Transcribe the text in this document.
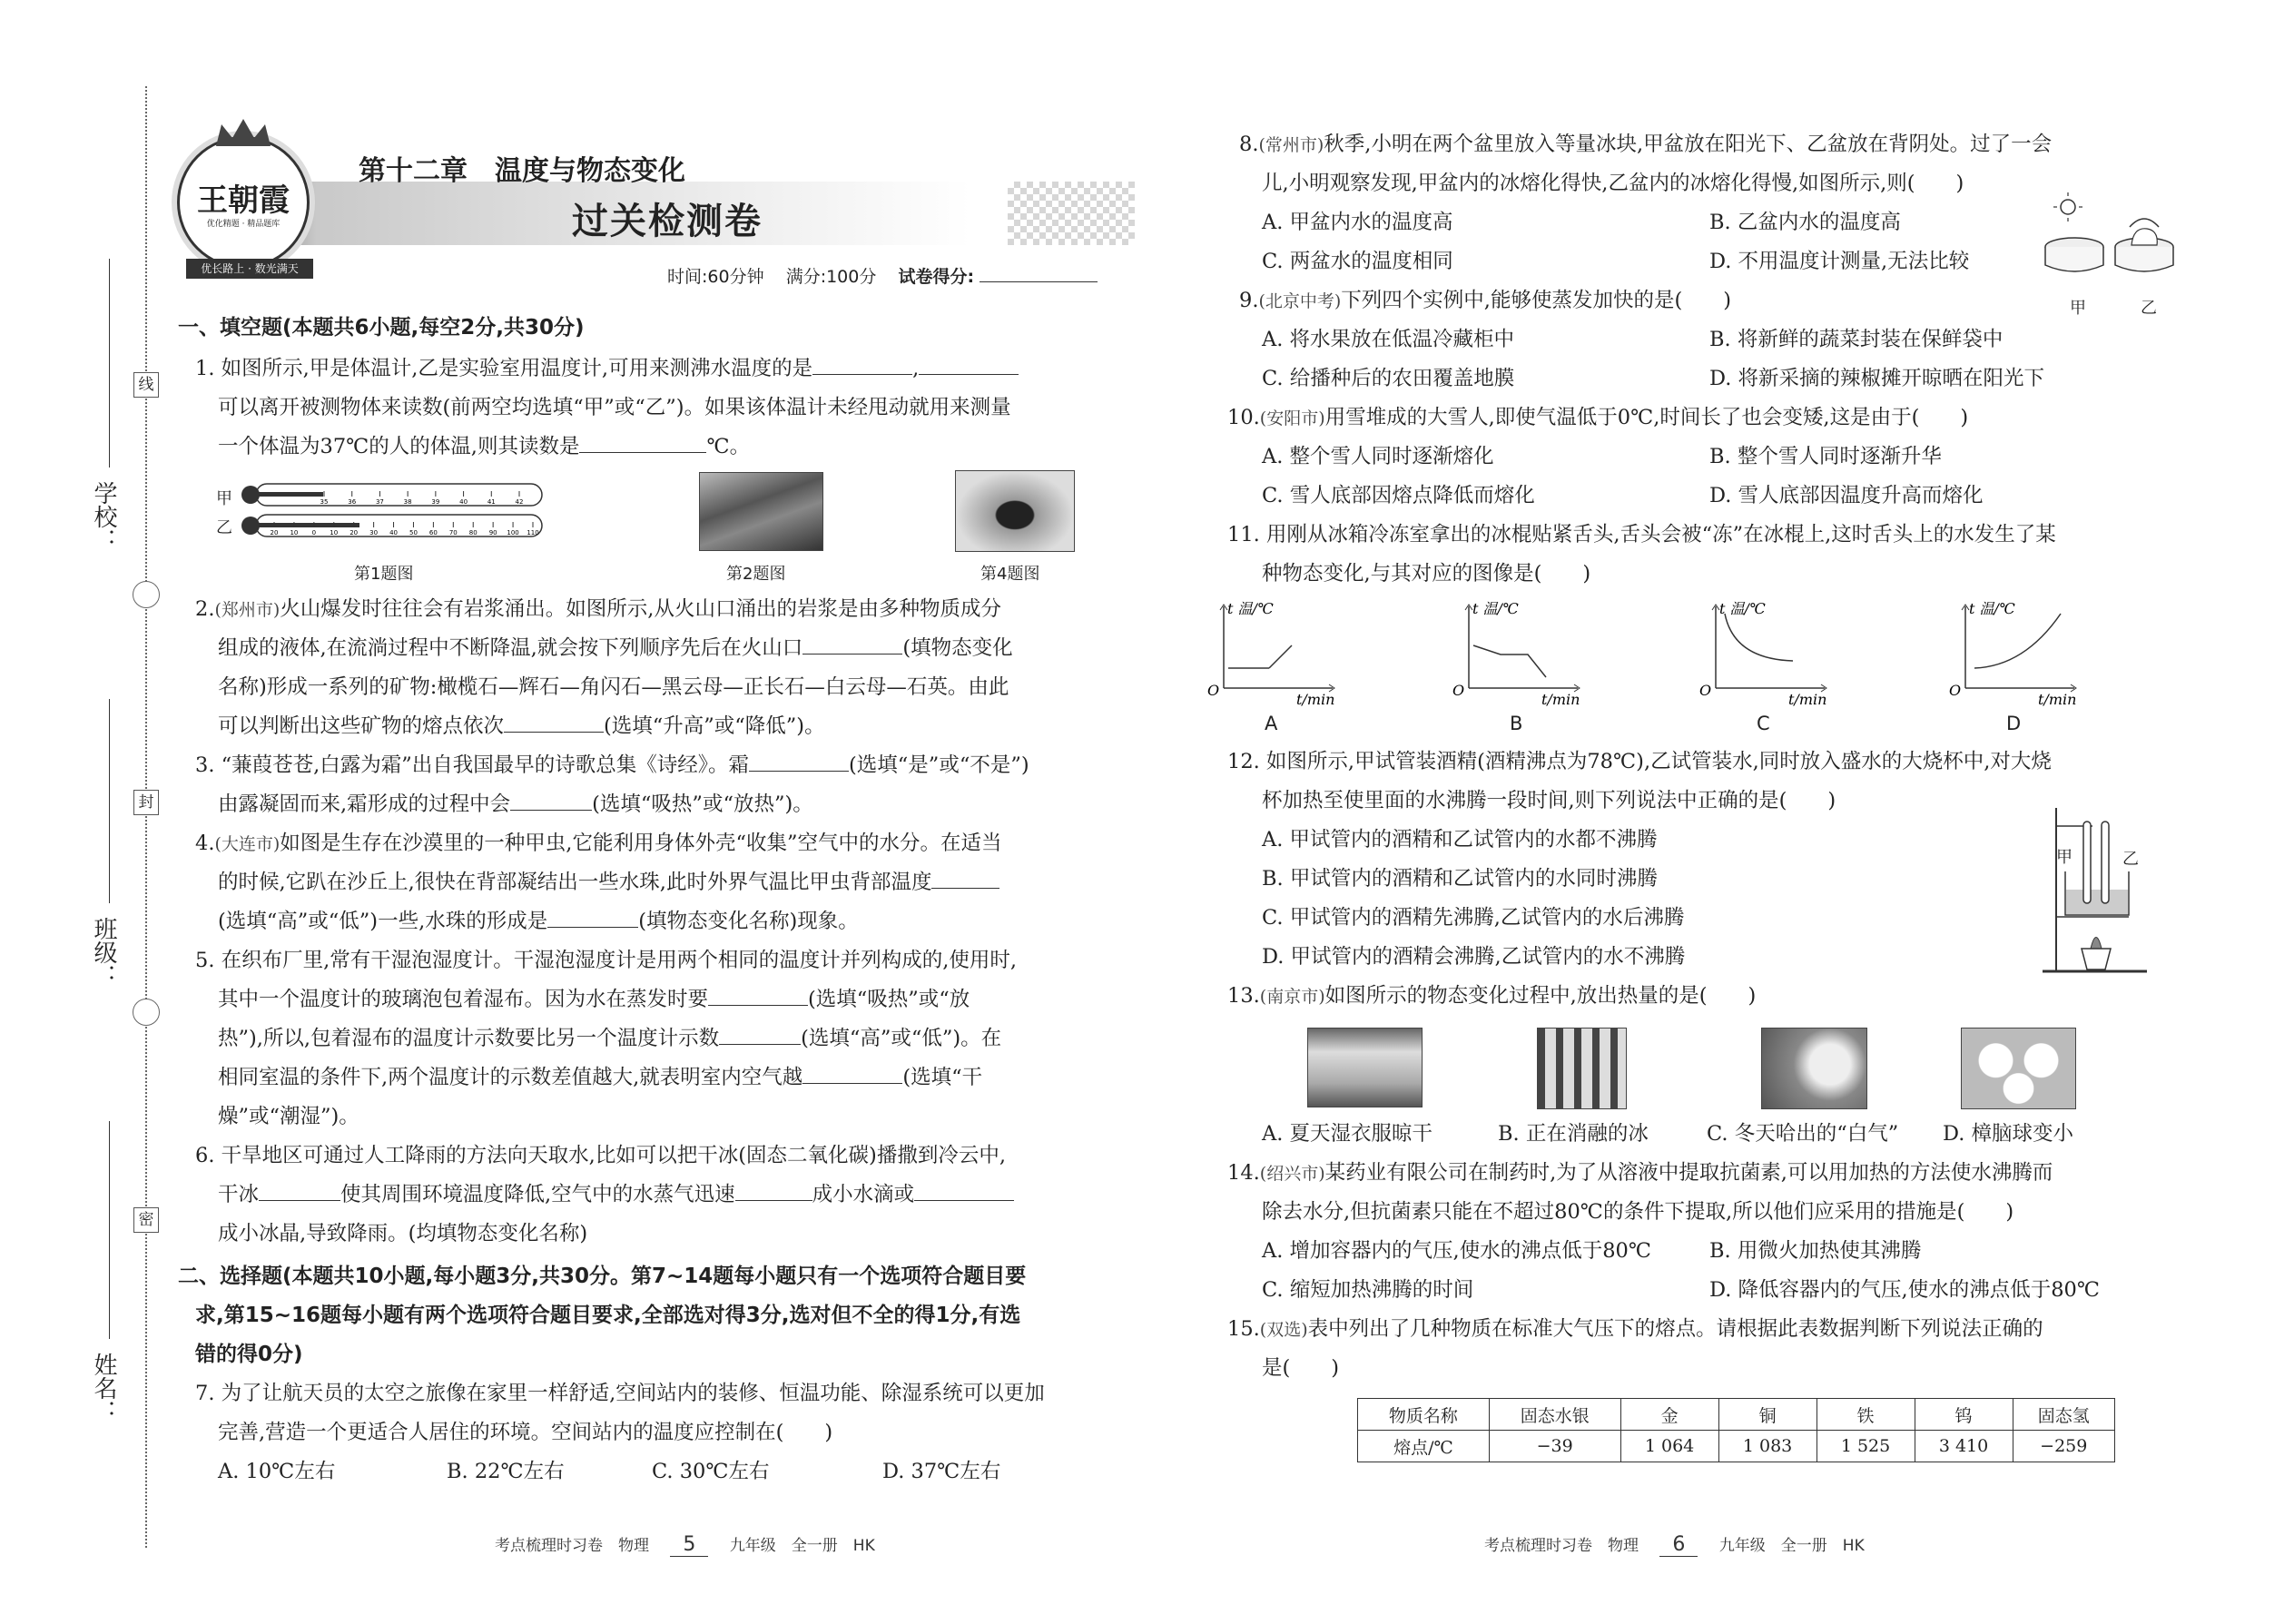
线
封
密
学校：
班级：
姓名：
王朝霞
优化精题 · 精品题库
优长路上 · 数光满天
第十二章　温度与物态变化
过关检测卷
时间:60分钟 满分:100分 试卷得分:
一、填空题(本题共6小题,每空2分,共30分)
1. 如图所示,甲是体温计,乙是实验室用温度计,可用来测沸水温度的是	,
可以离开被测物体来读数(前两空均选填“甲”或“乙”)。如果该体温计未经甩动就用来测量
一个体温为37℃的人的体温,则其读数是	℃。
甲
乙
35	36	37	38	39	40	41	42
20 10 0 10 20 30 40 50 60 70 80 90 100 110
第1题图	第2题图	第4题图
2.(郑州市)火山爆发时往往会有岩浆涌出。如图所示,从火山口涌出的岩浆是由多种物质成分
组成的液体,在流淌过程中不断降温,就会按下列顺序先后在火山口	(填物态变化
名称)形成一系列的矿物:橄榄石—辉石—角闪石—黑云母—正长石—白云母—石英。由此
可以判断出这些矿物的熔点依次	(选填“升高”或“降低”)。
3. “蒹葭苍苍,白露为霜”出自我国最早的诗歌总集《诗经》。霜	(选填“是”或“不是”)
由露凝固而来,霜形成的过程中会	(选填“吸热”或“放热”)。
4.(大连市)如图是生存在沙漠里的一种甲虫,它能利用身体外壳“收集”空气中的水分。在适当
的时候,它趴在沙丘上,很快在背部凝结出一些水珠,此时外界气温比甲虫背部温度
(选填“高”或“低”)一些,水珠的形成是	(填物态变化名称)现象。
5. 在织布厂里,常有干湿泡湿度计。干湿泡湿度计是用两个相同的温度计并列构成的,使用时,
其中一个温度计的玻璃泡包着湿布。因为水在蒸发时要	(选填“吸热”或“放
热”),所以,包着湿布的温度计示数要比另一个温度计示数	(选填“高”或“低”)。在
相同室温的条件下,两个温度计的示数差值越大,就表明室内空气越	(选填“干
燥”或“潮湿”)。
6. 干旱地区可通过人工降雨的方法向天取水,比如可以把干冰(固态二氧化碳)播撒到冷云中,
干冰	使其周围环境温度降低,空气中的水蒸气迅速	成小水滴或
成小冰晶,导致降雨。(均填物态变化名称)
二、选择题(本题共10小题,每小题3分,共30分。第7~14题每小题只有一个选项符合题目要
求,第15~16题每小题有两个选项符合题目要求,全部选对得3分,选对但不全的得1分,有选
错的得0分)
7. 为了让航天员的太空之旅像在家里一样舒适,空间站内的装修、恒温功能、除湿系统可以更加
完善,营造一个更适合人居住的环境。空间站内的温度应控制在(　　)
A. 10℃左右	B. 22℃左右	C. 30℃左右	D. 37℃左右
考点梳理时习卷　物理 5 九年级　全一册　HK
8.(常州市)秋季,小明在两个盆里放入等量冰块,甲盆放在阳光下、乙盆放在背阴处。过了一会
儿,小明观察发现,甲盆内的冰熔化得快,乙盆内的冰熔化得慢,如图所示,则(　　)
A. 甲盆内水的温度高	B. 乙盆内水的温度高
C. 两盆水的温度相同	D. 不用温度计测量,无法比较
甲	乙
9.(北京中考)下列四个实例中,能够使蒸发加快的是(　　)
A. 将水果放在低温冷藏柜中	B. 将新鲜的蔬菜封装在保鲜袋中
C. 给播种后的农田覆盖地膜	D. 将新采摘的辣椒摊开晾晒在阳光下
10.(安阳市)用雪堆成的大雪人,即使气温低于0℃,时间长了也会变矮,这是由于(　　)
A. 整个雪人同时逐渐熔化	B. 整个雪人同时逐渐升华
C. 雪人底部因熔点降低而熔化	D. 雪人底部因温度升高而熔化
11. 用刚从冰箱冷冻室拿出的冰棍贴紧舌头,舌头会被“冻”在冰棍上,这时舌头上的水发生了某
种物态变化,与其对应的图像是(　　)
t 温/℃
t/min
O
A
t 温/℃
t/min
O
B
t 温/℃
t/min
O
C
t 温/℃
t/min
O
D
12. 如图所示,甲试管装酒精(酒精沸点为78℃),乙试管装水,同时放入盛水的大烧杯中,对大烧
杯加热至使里面的水沸腾一段时间,则下列说法中正确的是(　　)
A. 甲试管内的酒精和乙试管内的水都不沸腾
B. 甲试管内的酒精和乙试管内的水同时沸腾
C. 甲试管内的酒精先沸腾,乙试管内的水后沸腾
D. 甲试管内的酒精会沸腾,乙试管内的水不沸腾
甲	乙
13.(南京市)如图所示的物态变化过程中,放出热量的是(　　)
A. 夏天湿衣服晾干	B. 正在消融的冰	C. 冬天哈出的“白气” D. 樟脑球变小
14.(绍兴市)某药业有限公司在制药时,为了从溶液中提取抗菌素,可以用加热的方法使水沸腾而
除去水分,但抗菌素只能在不超过80℃的条件下提取,所以他们应采用的措施是(　　)
A. 增加容器内的气压,使水的沸点低于80℃	B. 用微火加热使其沸腾
C. 缩短加热沸腾的时间	D. 降低容器内的气压,使水的沸点低于80℃
15.(双选)表中列出了几种物质在标准大气压下的熔点。请根据此表数据判断下列说法正确的
是(　　)
物质名称	固态水银	金	铜	铁	钨	固态氢
熔点/℃	−39	1 064	1 083	1 525	3 410	−259
考点梳理时习卷　物理 6 九年级　全一册　HK
